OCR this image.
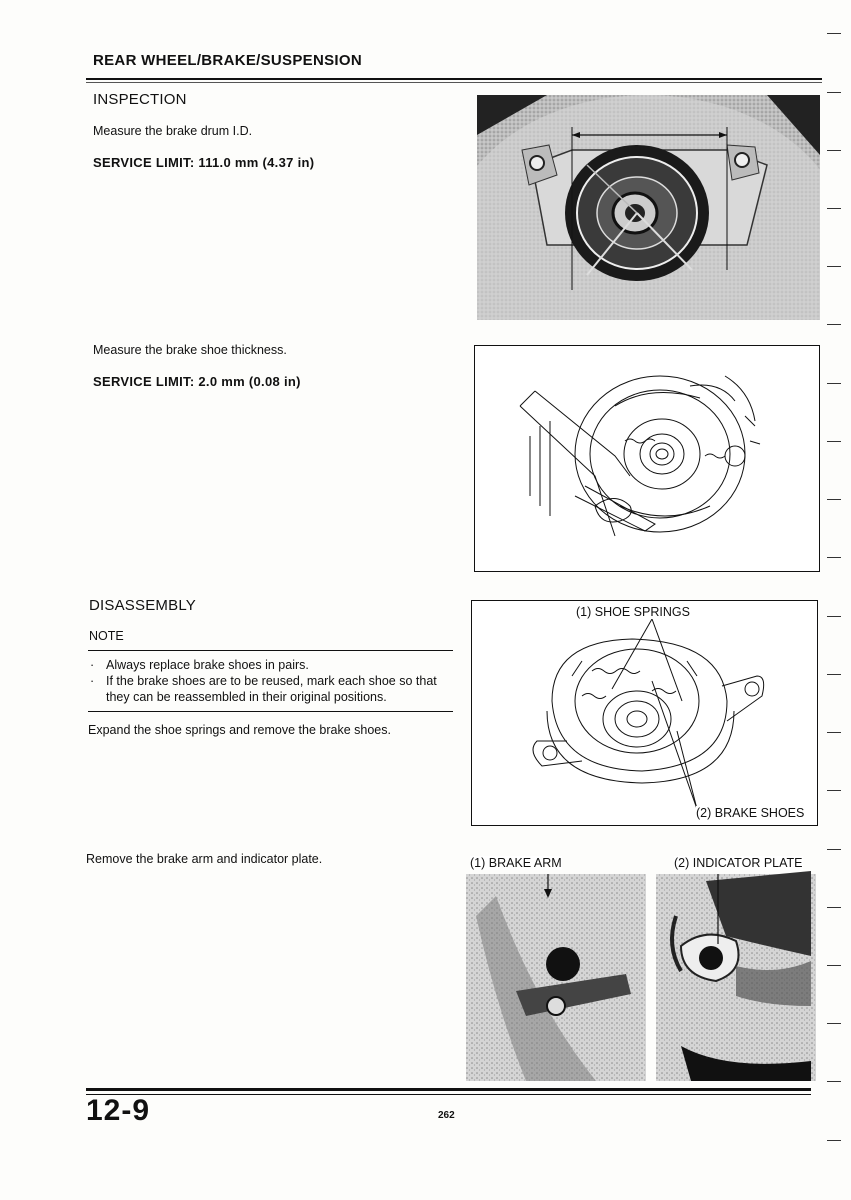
REAR WHEEL/BRAKE/SUSPENSION
INSPECTION
Measure the brake drum I.D.
SERVICE LIMIT: 111.0 mm (4.37 in)
Measure the brake shoe thickness.
SERVICE LIMIT: 2.0 mm (0.08 in)
DISASSEMBLY
NOTE
· Always replace brake shoes in pairs.
· If the brake shoes are to be reused, mark each shoe so that
they can be reassembled in their original positions.
Expand the shoe springs and remove the brake shoes.
Remove the brake arm and indicator plate.
(1) SHOE SPRINGS
(2) BRAKE SHOES
(1) BRAKE ARM	(2) INDICATOR PLATE
12-9	262
